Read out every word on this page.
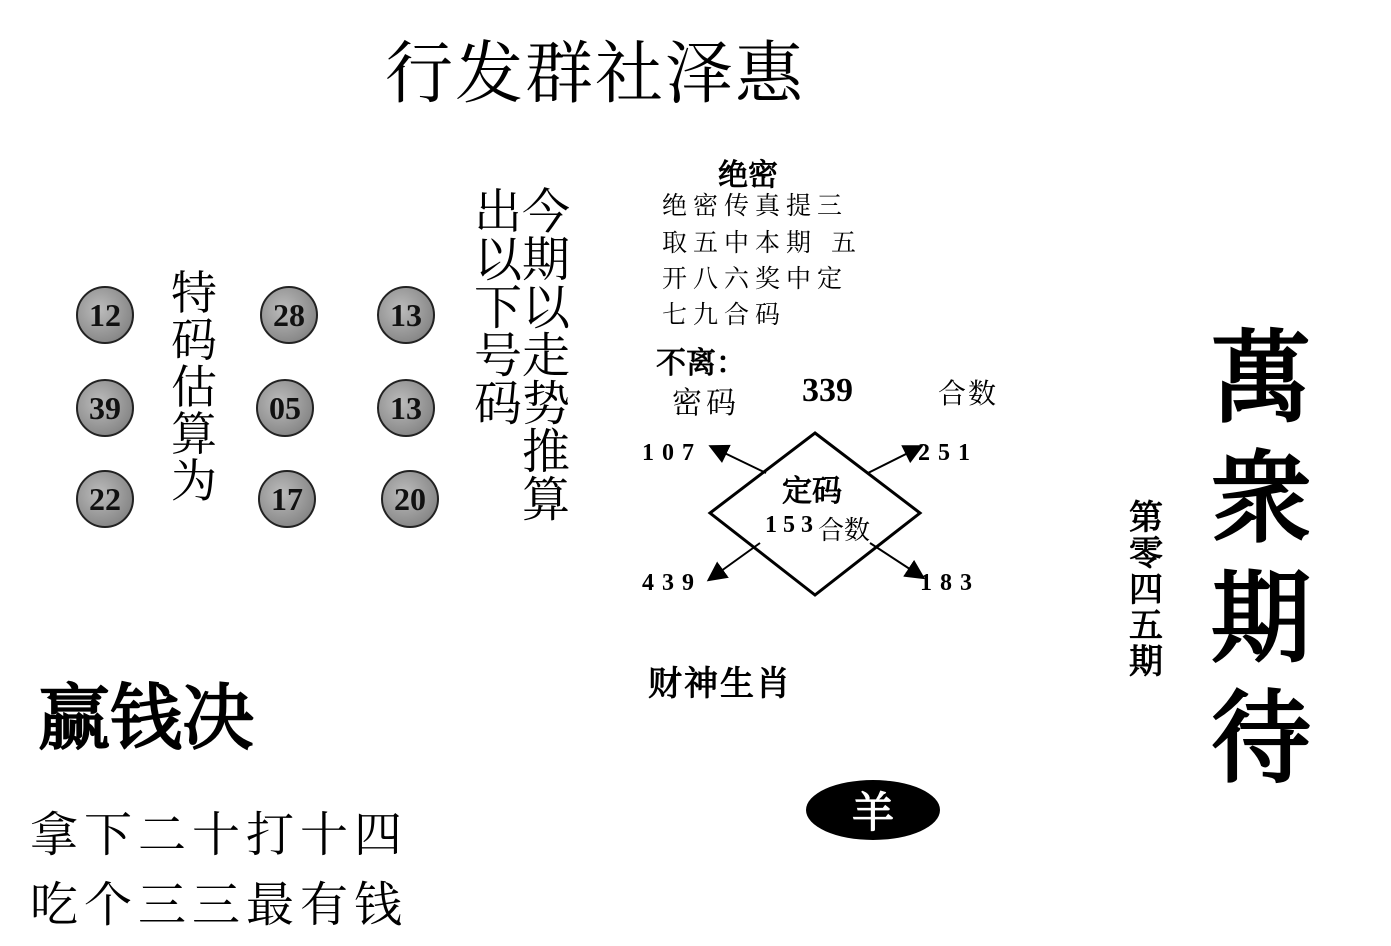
行发群社泽惠
12	28	13
39	05	13
22	17	20
特码估算为
今期以走势推算
出以下号码
绝密
绝密传真提三
取五中本期 五
开八六奖中定
七九合码
不离：
密码 339	合数
定码
153 合数
107	251
439	183
财神生肖
羊
赢钱决
拿下二十打十四
吃个三三最有钱
萬衆期待
第零四五期
